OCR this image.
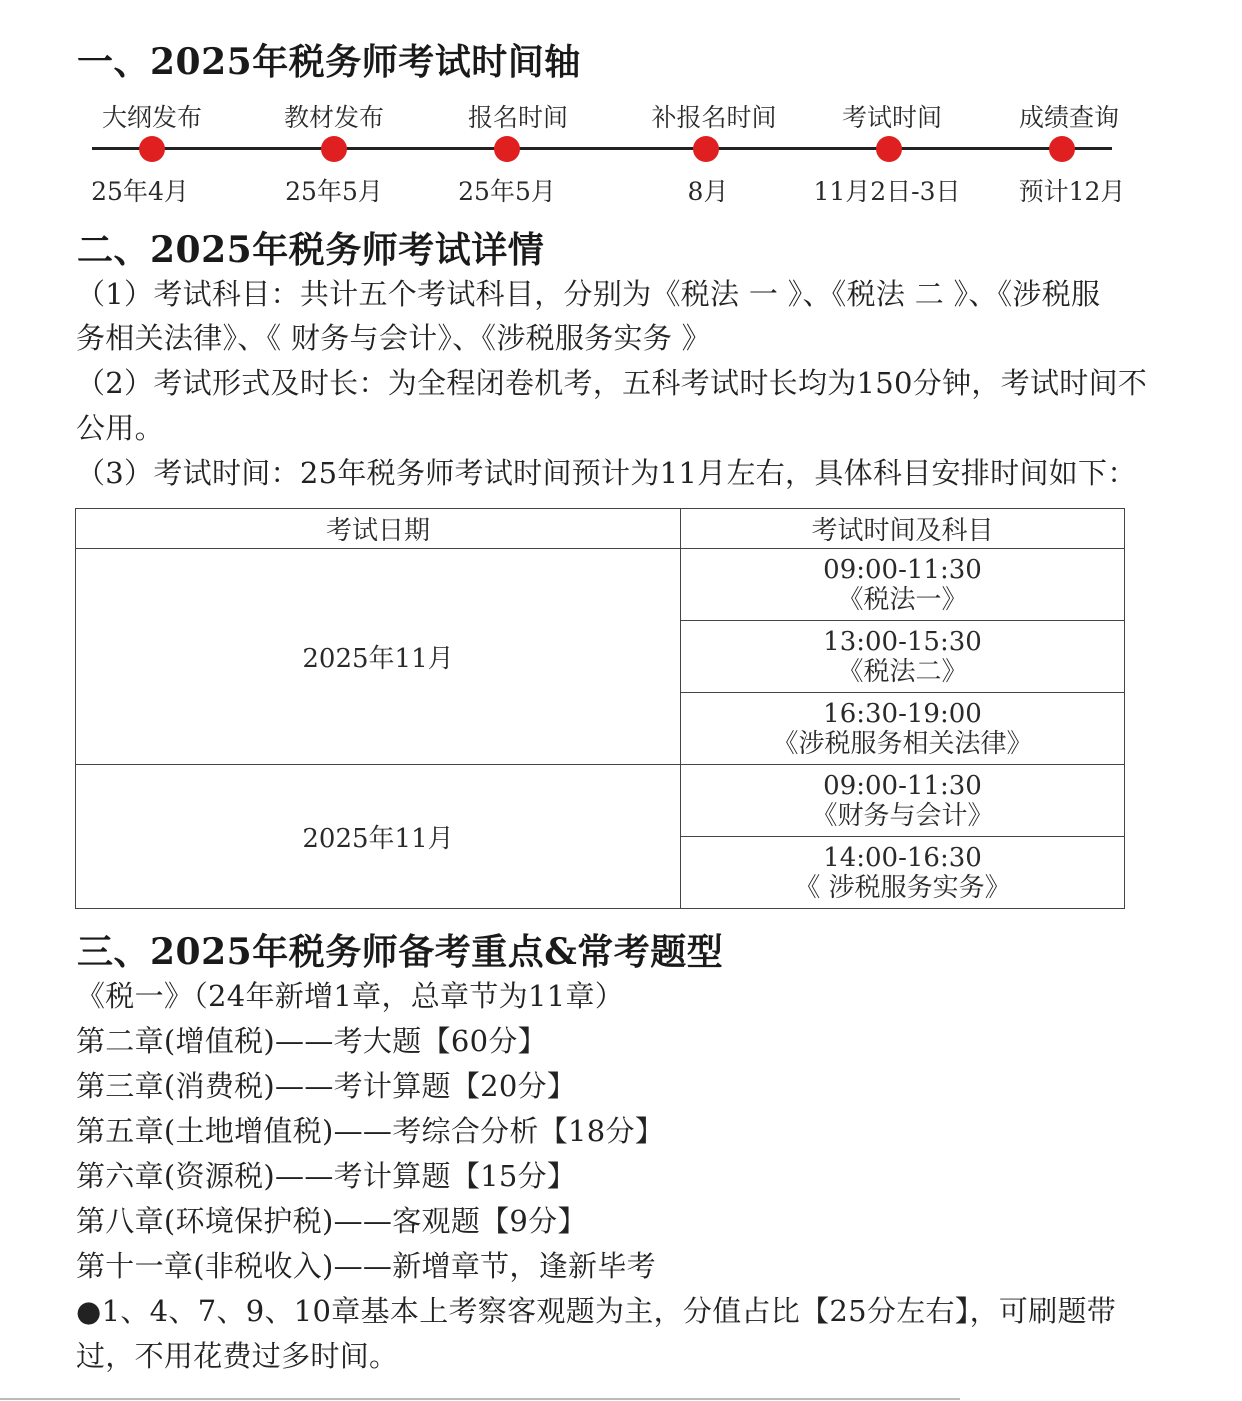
一、2025年税务师考试时间轴
大纲发布
25年4月
教材发布
25年5月
报名时间
25年5月
补报名时间
8月
考试时间
11月2日-3日
成绩查询
预计12月
二、2025年税务师考试详情
（1）考试科目：共计五个考试科目，分别为《税法 一 》、《税法 二 》、《涉税服
务相关法律》、《 财务与会计》、《涉税服务实务 》
（2）考试形式及时长：为全程闭卷机考，五科考试时长均为150分钟，考试时间不
公用。
（3）考试时间：25年税务师考试时间预计为11月左右，具体科目安排时间如下：
考试日期	考试时间及科目
2025年11月	09:00-11:30
《税法一》

	13:00-15:30
《税法二》

	16:30-19:00
《涉税服务相关法律》

2025年11月	09:00-11:30
《财务与会计》

	14:00-16:30
《 涉税服务实务》
三、2025年税务师备考重点&常考题型
《税一》（24年新增1章，总章节为11章）
第二章(增值税)——考大题【60分】
第三章(消费税)——考计算题【20分】
第五章(土地增值税)——考综合分析【18分】
第六章(资源税)——考计算题【15分】
第八章(环境保护税)——客观题【9分】
第十一章(非税收入)——新增章节，逢新毕考
●1、4、7、9、10章基本上考察客观题为主，分值占比【25分左右】，可刷题带
过，不用花费过多时间。
